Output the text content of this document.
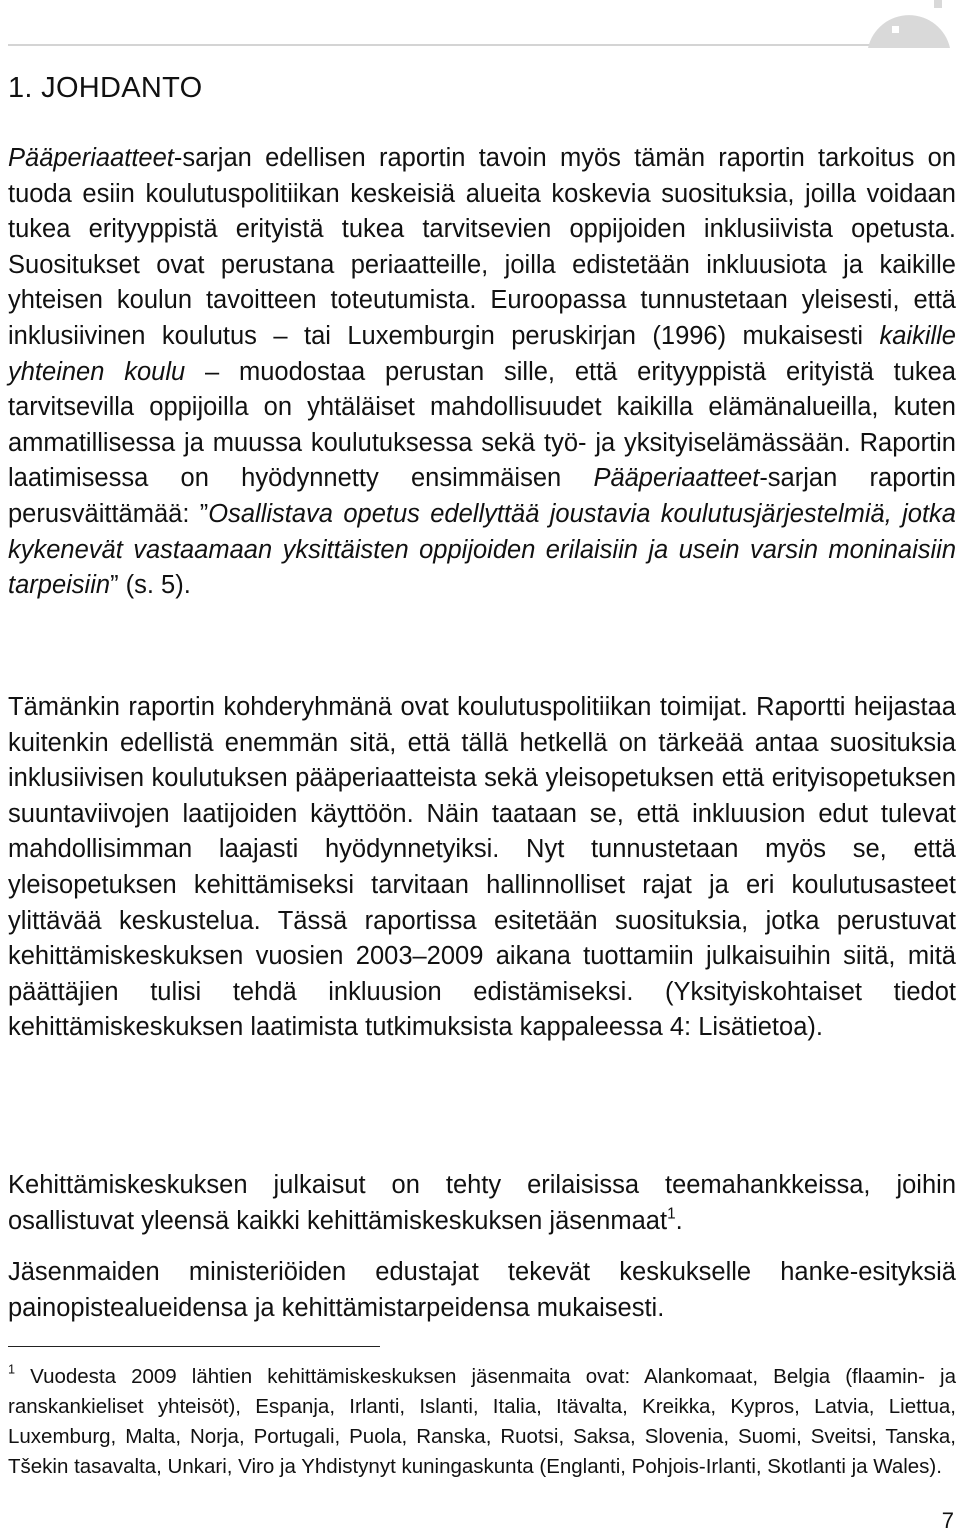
1. JOHDANTO

Pääperiaatteet-sarjan edellisen raportin tavoin myös tämän raportin tarkoitus on tuoda esiin koulutuspolitiikan keskeisiä alueita koskevia suosituksia, joilla voidaan tukea erityyppistä erityistä tukea tarvitsevien oppijoiden inklusiivista opetusta. Suositukset ovat perustana periaatteille, joilla edistetään inkluusiota ja kaikille yhteisen koulun tavoitteen toteutumista. Euroopassa tunnustetaan yleisesti, että inklusiivinen koulutus – tai Luxemburgin peruskirjan (1996) mukaisesti kaikille yhteinen koulu – muodostaa perustan sille, että erityyppistä erityistä tukea tarvitsevilla oppijoilla on yhtäläiset mahdollisuudet kaikilla elämänalueilla, kuten ammatillisessa ja muussa koulutuksessa sekä työ- ja yksityiselämässään. Raportin laatimisessa on hyödynnetty ensimmäisen Pääperiaatteet-sarjan raportin perusväittämää: ”Osallistava opetus edellyttää joustavia koulutusjärjestelmiä, jotka kykenevät vastaamaan yksittäisten oppijoiden erilaisiin ja usein varsin moninaisiin tarpeisiin” (s. 5).

Tämänkin raportin kohderyhmänä ovat koulutuspolitiikan toimijat. Raportti heijastaa kuitenkin edellistä enemmän sitä, että tällä hetkellä on tärkeää antaa suosituksia inklusiivisen koulutuksen pääperiaatteista sekä yleisopetuksen että erityisopetuksen suuntaviivojen laatijoiden käyttöön. Näin taataan se, että inkluusion edut tulevat mahdollisimman laajasti hyödynnetyiksi. Nyt tunnustetaan myös se, että yleisopetuksen kehittämiseksi tarvitaan hallinnolliset rajat ja eri koulutusasteet ylittävää keskustelua. Tässä raportissa esitetään suosituksia, jotka perustuvat kehittämiskeskuksen vuosien 2003–2009 aikana tuottamiin julkaisuihin siitä, mitä päättäjien tulisi tehdä inkluusion edistämiseksi. (Yksityiskohtaiset tiedot kehittämiskeskuksen laatimista tutkimuksista kappaleessa 4: Lisätietoa).

Kehittämiskeskuksen julkaisut on tehty erilaisissa teemahankkeissa, joihin osallistuvat yleensä kaikki kehittämiskeskuksen jäsenmaat$^1$.

Jäsenmaiden ministeriöiden edustajat tekevät keskukselle hanke-esityksiä painopistealueidensa ja kehittämistarpeidensa mukaisesti.

$^1$ Vuodesta 2009 lähtien kehittämiskeskuksen jäsenmaita ovat: Alankomaat, Belgia (flaamin- ja ranskankieliset yhteisöt), Espanja, Irlanti, Islanti, Italia, Itävalta, Kreikka, Kypros, Latvia, Liettua, Luxemburg, Malta, Norja, Portugali, Puola, Ranska, Ruotsi, Saksa, Slovenia, Suomi, Sveitsi, Tanska, Tšekin tasavalta, Unkari, Viro ja Yhdistynyt kuningaskunta (Englanti, Pohjois-Irlanti, Skotlanti ja Wales).

7
